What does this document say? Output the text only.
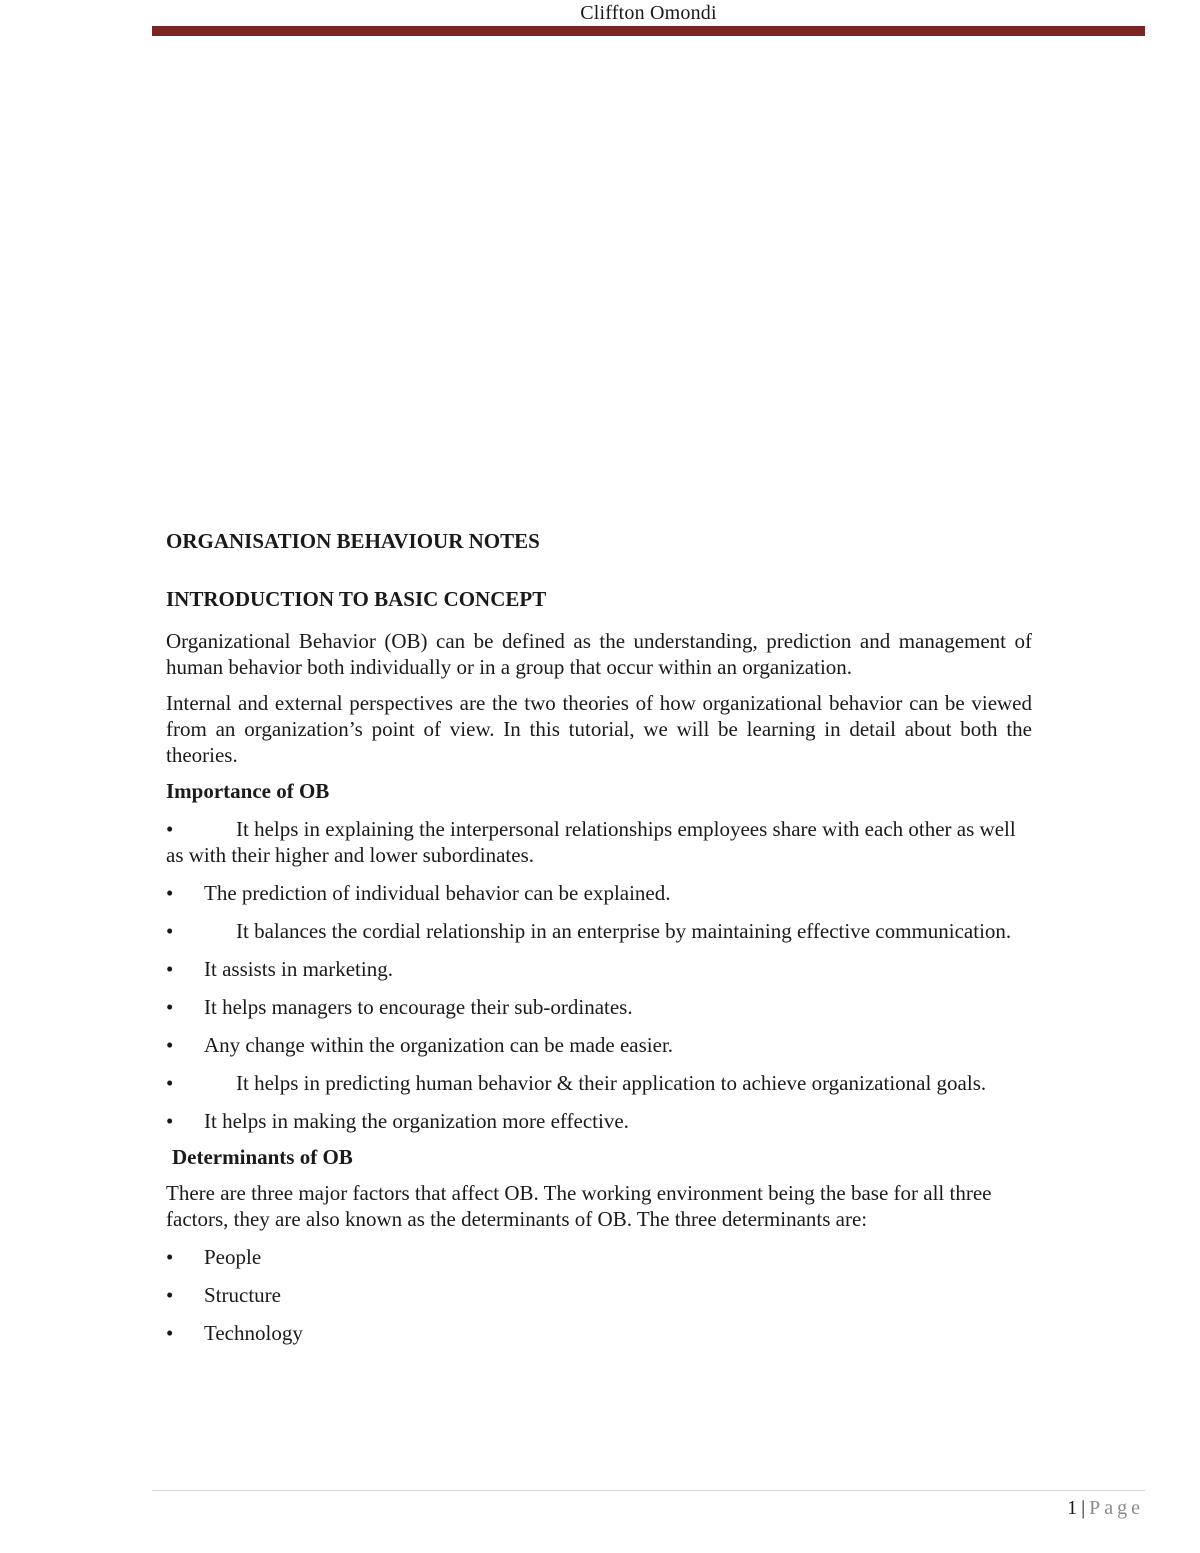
Cliffton Omondi
ORGANISATION BEHAVIOUR NOTES
INTRODUCTION TO BASIC CONCEPT

Organizational Behavior (OB) can be defined as the understanding, prediction and management of human behavior both individually or in a group that occur within an organization.

Internal and external perspectives are the two theories of how organizational behavior can be viewed from an organization’s point of view. In this tutorial, we will be learning in detail about both the theories.

Importance of OB

•	It helps in explaining the interpersonal relationships employees share with each other as well as with their higher and lower subordinates.

• The prediction of individual behavior can be explained.

•	It balances the cordial relationship in an enterprise by maintaining effective communication.

• It assists in marketing.

• It helps managers to encourage their sub-ordinates.

• Any change within the organization can be made easier.

•	It helps in predicting human behavior & their application to achieve organizational goals.

• It helps in making the organization more effective.

Determinants of OB

There are three major factors that affect OB. The working environment being the base for all three factors, they are also known as the determinants of OB. The three determinants are:

• People

• Structure

• Technology

1 | Page
